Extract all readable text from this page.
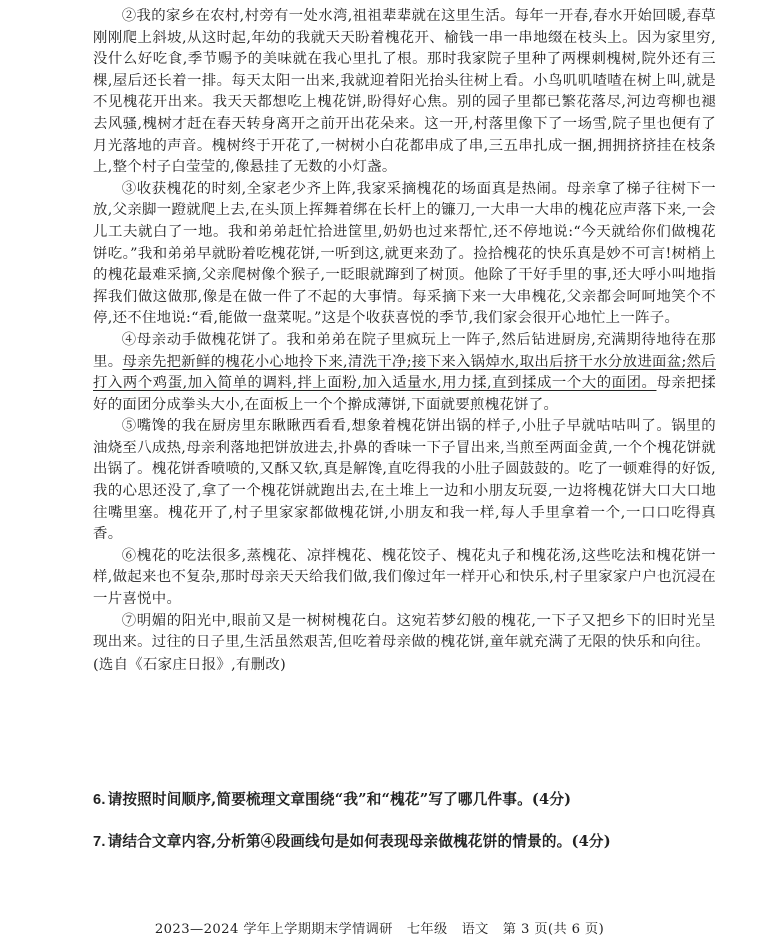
②我的家乡在农村,村旁有一处水湾,祖祖辈辈就在这里生活。每年一开春,春水开始回暖,春草刚刚爬上斜坡,从这时起,年幼的我就天天盼着槐花开、榆钱一串一串地缀在枝头上。因为家里穷,没什么好吃食,季节赐予的美味就在我心里扎了根。那时我家院子里种了两棵刺槐树,院外还有三棵,屋后还长着一排。每天太阳一出来,我就迎着阳光抬头往树上看。小鸟叽叽喳喳在树上叫,就是不见槐花开出来。我天天都想吃上槐花饼,盼得好心焦。别的园子里都已繁花落尽,河边弯柳也褪去风骚,槐树才赶在春天转身离开之前开出花朵来。这一开,村落里像下了一场雪,院子里也便有了月光落地的声音。槐树终于开花了,一树树小白花都串成了串,三五串扎成一捆,拥拥挤挤挂在枝条上,整个村子白莹莹的,像悬挂了无数的小灯盏。

③收获槐花的时刻,全家老少齐上阵,我家采摘槐花的场面真是热闹。母亲拿了梯子往树下一放,父亲脚一蹬就爬上去,在头顶上挥舞着绑在长杆上的镰刀,一大串一大串的槐花应声落下来,一会儿工夫就白了一地。我和弟弟赶忙拾进筐里,奶奶也过来帮忙,还不停地说:“今天就给你们做槐花饼吃。”我和弟弟早就盼着吃槐花饼,一听到这,就更来劲了。捡拾槐花的快乐真是妙不可言!树梢上的槐花最难采摘,父亲爬树像个猴子,一眨眼就蹿到了树顶。他除了干好手里的事,还大呼小叫地指挥我们做这做那,像是在做一件了不起的大事情。每采摘下来一大串槐花,父亲都会呵呵地笑个不停,还不住地说:“看,能做一盘菜呢。”这是个收获喜悦的季节,我们家会很开心地忙上一阵子。

④母亲动手做槐花饼了。我和弟弟在院子里疯玩上一阵子,然后钻进厨房,充满期待地待在那里。母亲先把新鲜的槐花小心地拎下来,清洗干净;接下来入锅焯水,取出后挤干水分放进面盆;然后打入两个鸡蛋,加入简单的调料,拌上面粉,加入适量水,用力揉,直到揉成一个大的面团。母亲把揉好的面团分成拳头大小,在面板上一个个擀成薄饼,下面就要煎槐花饼了。

⑤嘴馋的我在厨房里东瞅瞅西看看,想象着槐花饼出锅的样子,小肚子早就咕咕叫了。锅里的油烧至八成热,母亲利落地把饼放进去,扑鼻的香味一下子冒出来,当煎至两面金黄,一个个槐花饼就出锅了。槐花饼香喷喷的,又酥又软,真是解馋,直吃得我的小肚子圆鼓鼓的。吃了一顿难得的好饭,我的心思还没了,拿了一个槐花饼就跑出去,在土堆上一边和小朋友玩耍,一边将槐花饼大口大口地往嘴里塞。槐花开了,村子里家家都做槐花饼,小朋友和我一样,每人手里拿着一个,一口口吃得真香。

⑥槐花的吃法很多,蒸槐花、凉拌槐花、槐花饺子、槐花丸子和槐花汤,这些吃法和槐花饼一样,做起来也不复杂,那时母亲天天给我们做,我们像过年一样开心和快乐,村子里家家户户也沉浸在一片喜悦中。

⑦明媚的阳光中,眼前又是一树树槐花白。这宛若梦幻般的槐花,一下子又把乡下的旧时光呈现出来。过往的日子里,生活虽然艰苦,但吃着母亲做的槐花饼,童年就充满了无限的快乐和向往。

(选自《石家庄日报》,有删改)

6. 请按照时间顺序,简要梳理文章围绕“我”和“槐花”写了哪几件事。(4分)
7. 请结合文章内容,分析第④段画线句是如何表现母亲做槐花饼的情景的。(4分)
2023—2024 学年上学期期末学情调研 七年级 语文 第 3 页(共 6 页)
